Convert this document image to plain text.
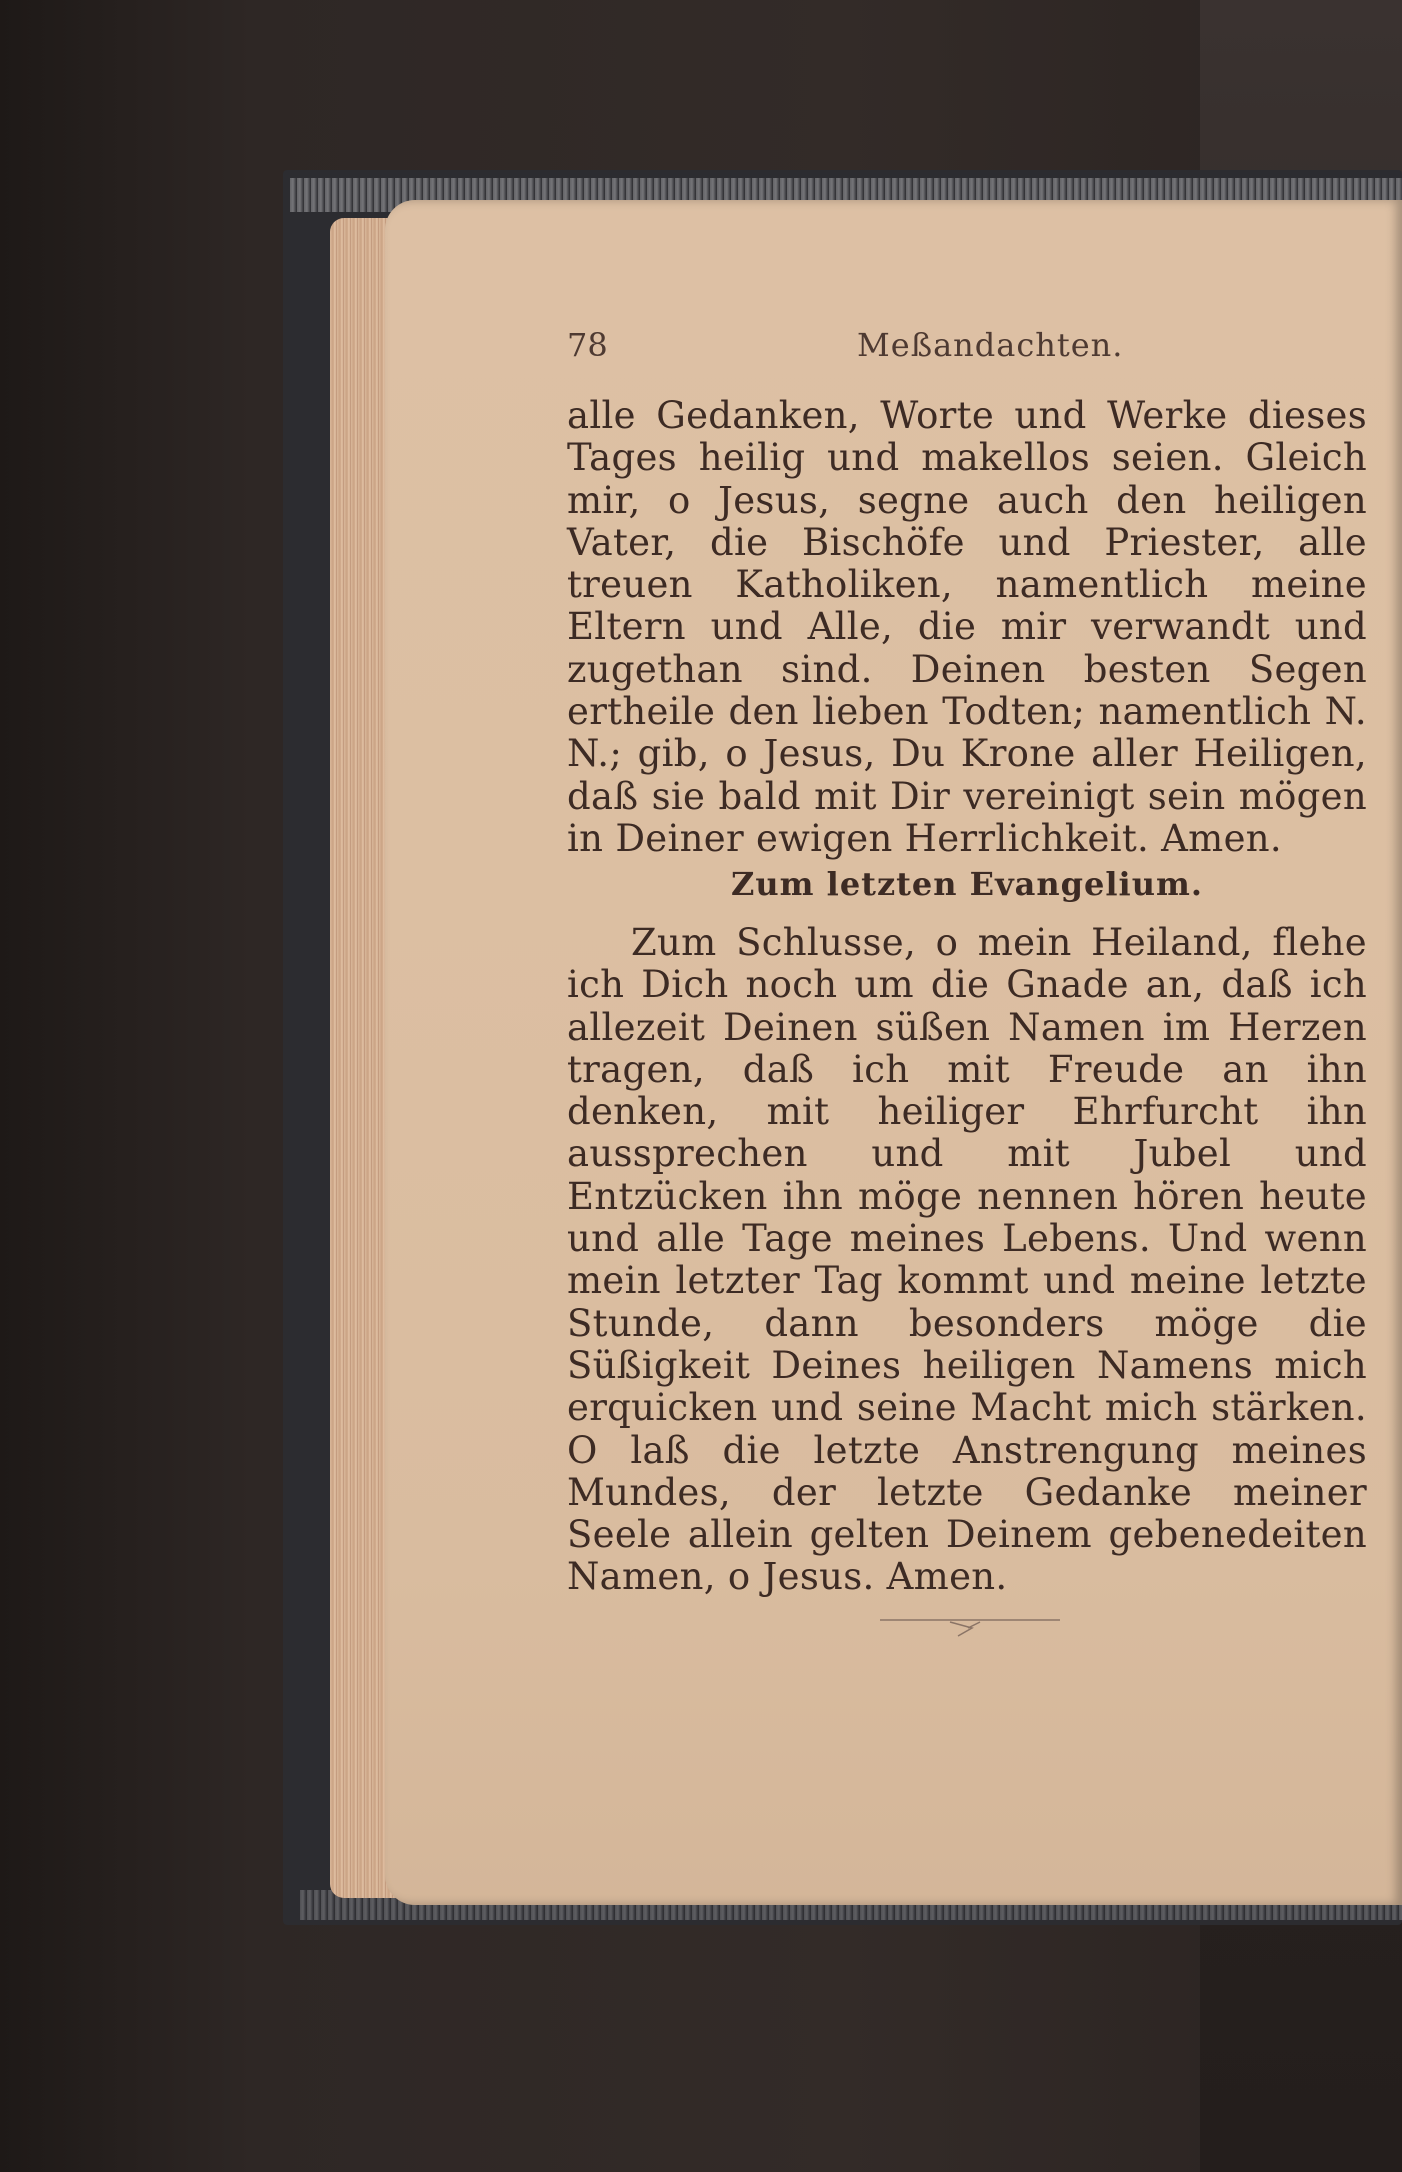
78	Meßandachten.
alle Gedanken, Worte und Werke dieses Tages heilig und makellos seien. Gleich mir, o Jesus, segne auch den heiligen Vater, die Bischöfe und Priester, alle treuen Katholiken, namentlich meine Eltern und Alle, die mir verwandt und zugethan sind. Deinen besten Segen ertheile den lieben Todten; namentlich N. N.; gib, o Jesus, Du Krone aller Heiligen, daß sie bald mit Dir vereinigt sein mögen in Deiner ewigen Herrlichkeit. Amen.
Zum letzten Evangelium.
Zum Schlusse, o mein Heiland, flehe ich Dich noch um die Gnade an, daß ich allezeit Deinen süßen Namen im Herzen tragen, daß ich mit Freude an ihn denken, mit heiliger Ehrfurcht ihn aussprechen und mit Jubel und Entzücken ihn möge nennen hören heute und alle Tage meines Lebens. Und wenn mein letzter Tag kommt und meine letzte Stunde, dann besonders möge die Süßigkeit Deines heiligen Namens mich erquicken und seine Macht mich stärken. O laß die letzte Anstrengung meines Mundes, der letzte Gedanke meiner Seele allein gelten Deinem gebenedeiten Namen, o Jesus. Amen.
